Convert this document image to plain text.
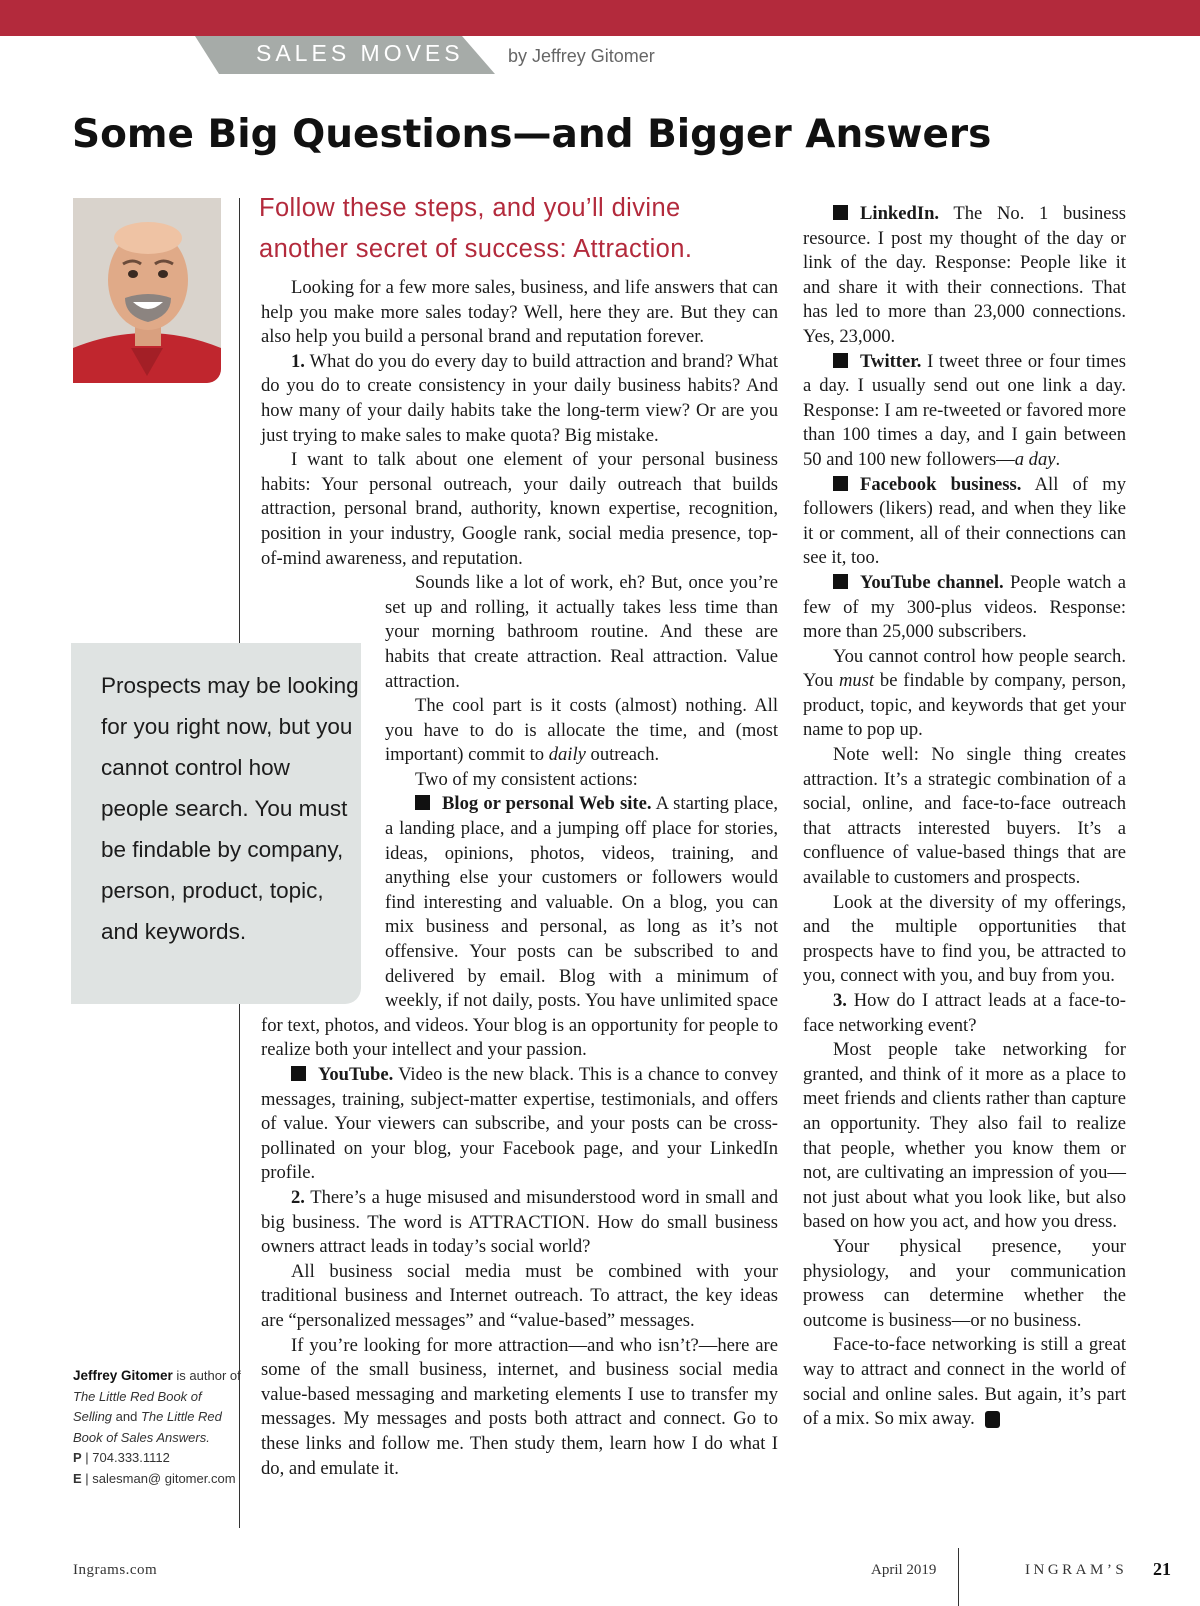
SALES MOVES by Jeffrey Gitomer
Some Big Questions—and Bigger Answers
Follow these steps, and you’ll divine another secret of success: Attraction.

Prospects may be looking for you right now, but you cannot control how people search. You must be findable by company, person, product, topic, and keywords.

Jeffrey Gitomer is author of The Little Red Book of Selling and The Little Red Book of Sales Answers.
P | 704.333.1112
E | salesman@ gitomer.com

Looking for a few more sales, business, and life answers that can help you make more sales today? Well, here they are. But they can also help you build a personal brand and reputation forever.

1. What do you do every day to build attraction and brand? What do you do to create consistency in your daily business habits? And how many of your daily habits take the long-term view? Or are you just trying to make sales to make quota? Big mistake.

I want to talk about one element of your personal business habits: Your personal outreach, your daily outreach that builds attraction, personal brand, authority, known expertise, recognition, position in your industry, Google rank, social media presence, top-of-mind awareness, and reputation.

Sounds like a lot of work, eh? But, once you’re set up and rolling, it actually takes less time than your morning bathroom routine. And these are habits that create attraction. Real attraction. Value attraction.

The cool part is it costs (almost) nothing. All you have to do is allocate the time, and (most important) commit to daily outreach.

Two of my consistent actions:

Blog or personal Web site. A starting place, a landing place, and a jumping off place for stories, ideas, opinions, photos, videos, training, and anything else your customers or followers would find interesting and valuable. On a blog, you can mix business and personal, as long as it’s not offensive. Your posts can be subscribed to and delivered by email. Blog with a minimum of weekly, if not daily, posts. You have unlimited space for text, photos, and videos. Your blog is an opportunity for people to realize both your intellect and your passion.

YouTube. Video is the new black. This is a chance to convey messages, training, subject-matter expertise, testimonials, and offers of value. Your viewers can subscribe, and your posts can be cross-pollinated on your blog, your Facebook page, and your LinkedIn profile.

2. There’s a huge misused and misunderstood word in small and big business. The word is ATTRACTION. How do small business owners attract leads in today’s social world?

All business social media must be combined with your traditional business and Internet outreach. To attract, the key ideas are “personalized messages” and “value-based” messages.

If you’re looking for more attraction—and who isn’t?—here are some of the small business, internet, and business social media value-based messaging and marketing elements I use to transfer my messages. My messages and posts both attract and connect. Go to these links and follow me. Then study them, learn how I do what I do, and emulate it.

LinkedIn. The No. 1 business resource. I post my thought of the day or link of the day. Response: People like it and share it with their connections. That has led to more than 23,000 connections. Yes, 23,000.

Twitter. I tweet three or four times a day. I usually send out one link a day. Response: I am re-tweeted or favored more than 100 times a day, and I gain between 50 and 100 new followers—a day.

Facebook business. All of my followers (likers) read, and when they like it or comment, all of their connections can see it, too.

YouTube channel. People watch a few of my 300-plus videos. Response: more than 25,000 subscribers.

You cannot control how people search. You must be findable by company, person, product, topic, and keywords that get your name to pop up.

Note well: No single thing creates attraction. It’s a strategic combination of a social, online, and face-to-face outreach that attracts interested buyers. It’s a confluence of value-based things that are available to customers and prospects.

Look at the diversity of my offerings, and the multiple opportunities that prospects have to find you, be attracted to you, connect with you, and buy from you.

3. How do I attract leads at a face-to-face networking event?

Most people take networking for granted, and think of it more as a place to meet friends and clients rather than capture an opportunity. They also fail to realize that people, whether you know them or not, are cultivating an impression of you—not just about what you look like, but also based on how you act, and how you dress.

Your physical presence, your physiology, and your communication prowess can determine whether the outcome is business—or no business.

Face-to-face networking is still a great way to attract and connect in the world of social and online sales. But again, it’s part of a mix. So mix away.	I

Ingrams.com	April 2019	INGRAM’S 21
